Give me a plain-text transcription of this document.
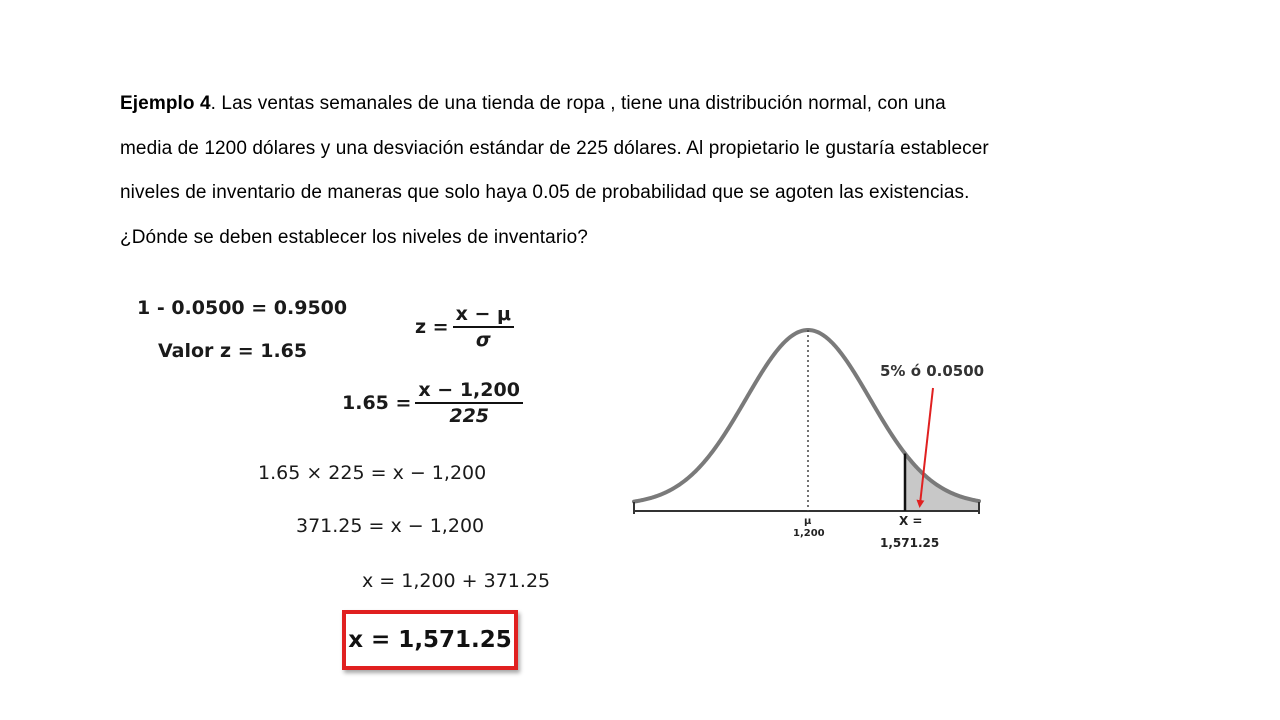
Ejemplo 4. Las ventas semanales de una tienda de ropa , tiene una distribución normal, con una

media de 1200 dólares y una desviación estándar de 225 dólares. Al propietario le gustaría establecer

niveles de inventario de maneras que solo haya 0.05 de probabilidad que se agoten las existencias.

¿Dónde se deben establecer los niveles de inventario?

1 - 0.0500 = 0.9500
Valor z = 1.65
$z = \frac{x - \mu}{\sigma}$
$1.65 = \frac{x - 1,200}{225}$
1.65 × 225 = x − 1,200
371.25 = x − 1,200
x = 1,200 + 371.25
x = 1,571.25
5% ó 0.0500
μ
1,200
X =
1,571.25
